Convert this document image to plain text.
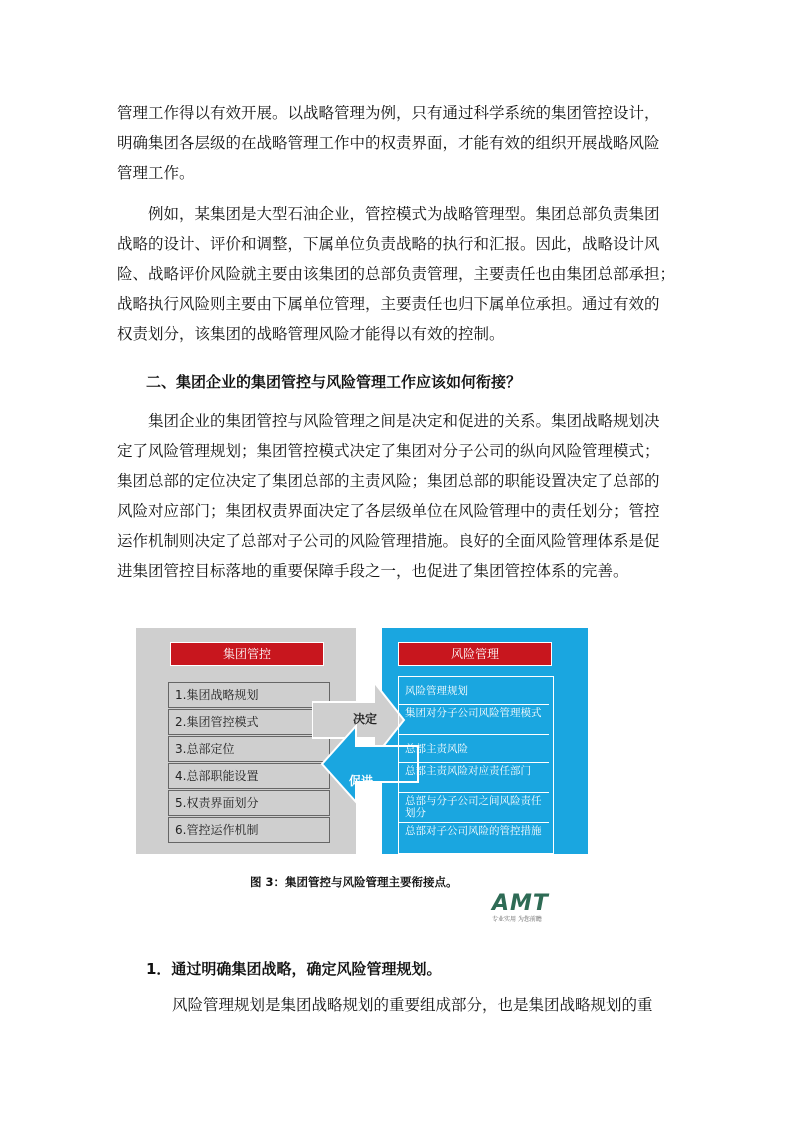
管理工作得以有效开展。以战略管理为例，只有通过科学系统的集团管控设计，
明确集团各层级的在战略管理工作中的权责界面，才能有效的组织开展战略风险
管理工作。

例如，某集团是大型石油企业，管控模式为战略管理型。集团总部负责集团
战略的设计、评价和调整，下属单位负责战略的执行和汇报。因此，战略设计风
险、战略评价风险就主要由该集团的总部负责管理，主要责任也由集团总部承担；
战略执行风险则主要由下属单位管理，主要责任也归下属单位承担。通过有效的
权责划分，该集团的战略管理风险才能得以有效的控制。

二、集团企业的集团管控与风险管理工作应该如何衔接？

集团企业的集团管控与风险管理之间是决定和促进的关系。集团战略规划决
定了风险管理规划；集团管控模式决定了集团对分子公司的纵向风险管理模式；
集团总部的定位决定了集团总部的主责风险；集团总部的职能设置决定了总部的
风险对应部门；集团权责界面决定了各层级单位在风险管理中的责任划分；管控
运作机制则决定了总部对子公司的风险管理措施。良好的全面风险管理体系是促
进集团管控目标落地的重要保障手段之一，也促进了集团管控体系的完善。

集团管控	风险管理
1.集团战略规划
2.集团管控模式
3.总部定位
4.总部职能设置
5.权责界面划分
6.管控运作机制
决定
促进
风险管理规划
集团对分子公司风险管理模式
总部主责风险
总部主责风险对应责任部门
总部与分子公司之间风险责任划分
总部对子公司风险的管控措施
图 3：集团管控与风险管理主要衔接点。
AMT
专业实用 为您前瞻
1．通过明确集团战略，确定风险管理规划。

风险管理规划是集团战略规划的重要组成部分，也是集团战略规划的重
